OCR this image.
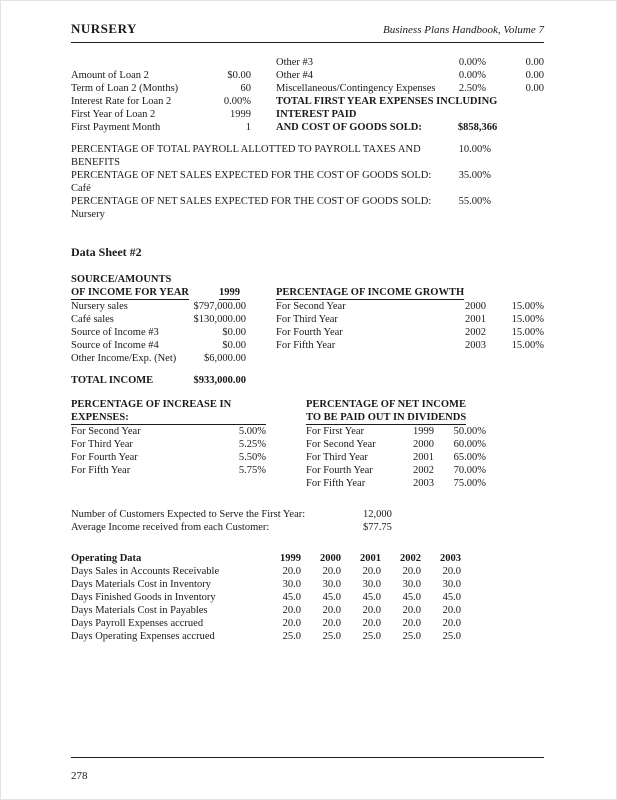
NURSERY	Business Plans Handbook, Volume 7
Amount of Loan 2	$0.00
Term of Loan 2 (Months)	60
Interest Rate for Loan 2	0.00%
First Year of Loan 2	1999
First Payment Month	1
Other #3	0.00%	0.00
Other #4	0.00%	0.00
Miscellaneous/Contingency Expenses	2.50%	0.00
TOTAL FIRST YEAR EXPENSES INCLUDING INTEREST PAID
AND COST OF GOODS SOLD:	$858,366
PERCENTAGE OF TOTAL PAYROLL ALLOTTED TO PAYROLL TAXES AND BENEFITS
10.00%
PERCENTAGE OF NET SALES EXPECTED FOR THE COST OF GOODS SOLD: Café
35.00%
PERCENTAGE OF NET SALES EXPECTED FOR THE COST OF GOODS SOLD: Nursery
55.00%
Data Sheet #2
SOURCE/AMOUNTS
OF INCOME FOR YEAR	1999
Nursery sales	$797,000.00
Café sales	$130,000.00
Source of Income #3	$0.00
Source of Income #4	$0.00
Other Income/Exp. (Net)	$6,000.00
PERCENTAGE OF INCOME GROWTH
For Second Year	2000	15.00%
For Third Year	2001	15.00%
For Fourth Year	2002	15.00%
For Fifth Year	2003	15.00%
TOTAL INCOME	$933,000.00
PERCENTAGE OF INCREASE IN EXPENSES:
For Second Year	5.00%
For Third Year	5.25%
For Fourth Year	5.50%
For Fifth Year	5.75%
PERCENTAGE OF NET INCOME
TO BE PAID OUT IN DIVIDENDS
For First Year	1999	50.00%
For Second Year	2000	60.00%
For Third Year	2001	65.00%
For Fourth Year	2002	70.00%
For Fifth Year	2003	75.00%
Number of Customers Expected to Serve the First Year:	12,000
Average Income received from each Customer:	$77.75
Operating Data	1999	2000	2001	2002	2003
Days Sales in Accounts Receivable	20.0	20.0	20.0	20.0	20.0
Days Materials Cost in Inventory	30.0	30.0	30.0	30.0	30.0
Days Finished Goods in Inventory	45.0	45.0	45.0	45.0	45.0
Days Materials Cost in Payables	20.0	20.0	20.0	20.0	20.0
Days Payroll Expenses accrued	20.0	20.0	20.0	20.0	20.0
Days Operating Expenses accrued	25.0	25.0	25.0	25.0	25.0
278
